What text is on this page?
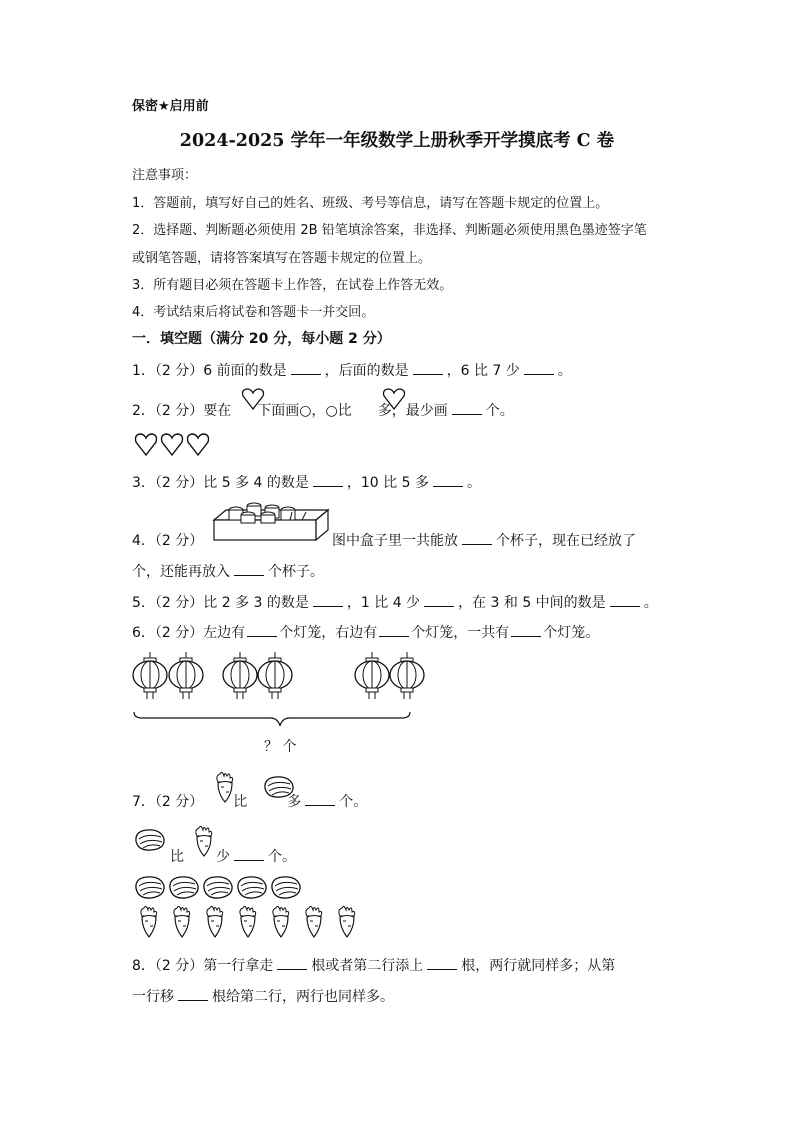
保密★启用前
2024-2025 学年一年级数学上册秋季开学摸底考 C 卷
注意事项：
1．答题前，填写好自己的姓名、班级、考号等信息，请写在答题卡规定的位置上。
2．选择题、判断题必须使用 2B 铅笔填涂答案，非选择、判断题必须使用黑色墨迹签字笔
或钢笔答题，请将答案填写在答题卡规定的位置上。
3．所有题目必须在答题卡上作答，在试卷上作答无效。
4．考试结束后将试卷和答题卡一并交回。
一．填空题（满分 20 分，每小题 2 分）
1．（2 分）6 前面的数是	，后面的数是	，6 比 7 少	。
2．（2 分）要在 下面画○，○比 多，最少画	个。
3．（2 分）比 5 多 4 的数是	，10 比 5 多	。
4．（2 分）	图中盒子里一共能放	个杯子，现在已经放了
个，还能再放入	个杯子。
5．（2 分）比 2 多 3 的数是	，1 比 4 少	，在 3 和 5 中间的数是	。
6．（2 分）左边有 个灯笼，右边有 个灯笼，一共有 个灯笼。
？ 个
7．（2 分） 比	多	个。
比 少	个。
8．（2 分）第一行拿走	根或者第二行添上	根，两行就同样多；从第
一行移	根给第二行，两行也同样多。
